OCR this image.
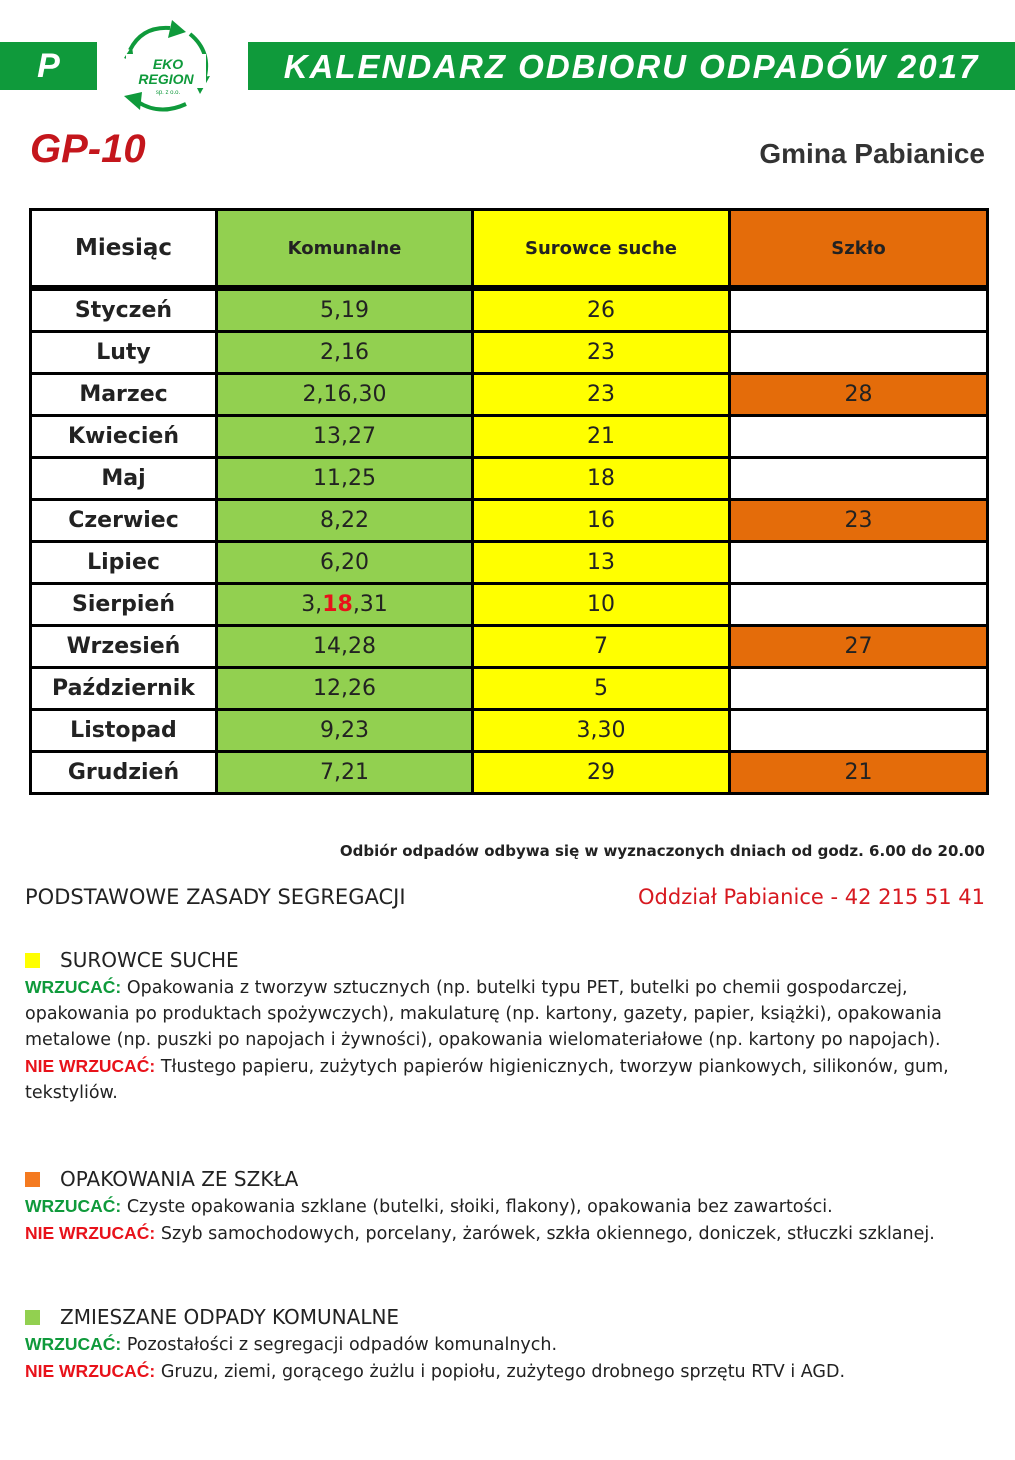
P	EKO
REGION
sp. z o.o.
KALENDARZ ODBIORU ODPADÓW 2017
GP-10	Gmina Pabianice
Miesiąc	Komunalne	Surowce suche	Szkło
Styczeń	5,19	26	
Luty	2,16	23	
Marzec	2,16,30	23	28
Kwiecień	13,27	21	
Maj	11,25	18	
Czerwiec	8,22	16	23
Lipiec	6,20	13	
Sierpień	3,18,31	10	
Wrzesień	14,28	7	27
Październik	12,26	5	
Listopad	9,23	3,30	
Grudzień	7,21	29	21
Odbiór odpadów odbywa się w wyznaczonych dniach od godz. 6.00 do 20.00
PODSTAWOWE ZASADY SEGREGACJI	Oddział Pabianice - 42 215 51 41
SUROWCE SUCHE
WRZUCAĆ: Opakowania z tworzyw sztucznych (np. butelki typu PET, butelki po chemii gospodarczej, opakowania po produktach spożywczych), makulaturę (np. kartony, gazety, papier, książki), opakowania metalowe (np. puszki po napojach i żywności), opakowania wielomateriałowe (np. kartony po napojach).
NIE WRZUCAĆ: Tłustego papieru, zużytych papierów higienicznych, tworzyw piankowych, silikonów, gum, tekstyliów.
OPAKOWANIA ZE SZKŁA
WRZUCAĆ: Czyste opakowania szklane (butelki, słoiki, flakony), opakowania bez zawartości.
NIE WRZUCAĆ: Szyb samochodowych, porcelany, żarówek, szkła okiennego, doniczek, stłuczki szklanej.
ZMIESZANE ODPADY KOMUNALNE
WRZUCAĆ: Pozostałości z segregacji odpadów komunalnych.
NIE WRZUCAĆ: Gruzu, ziemi, gorącego żużlu i popiołu, zużytego drobnego sprzętu RTV i AGD.
